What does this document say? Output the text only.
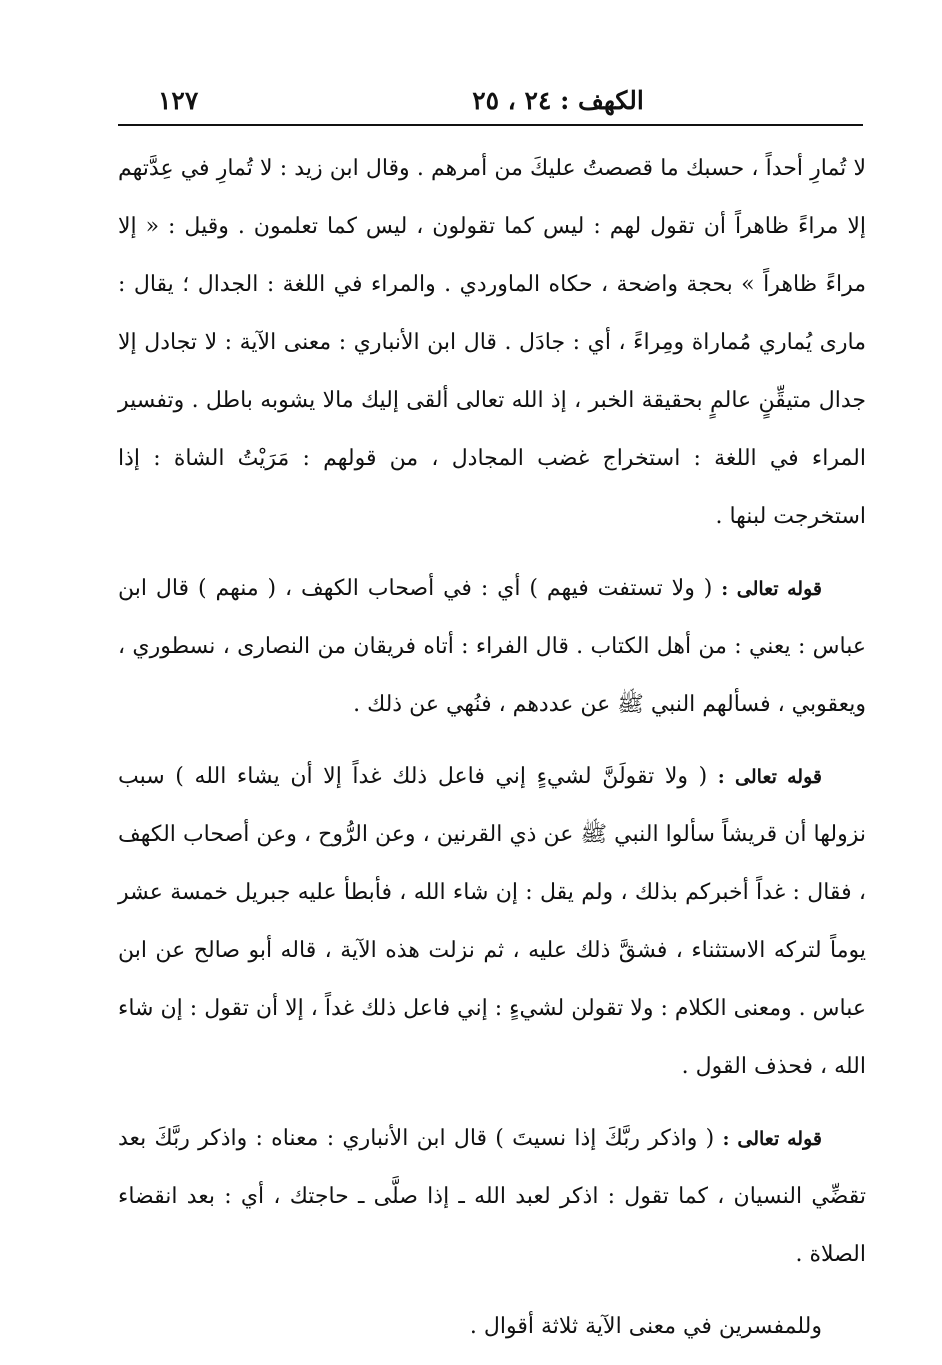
١٢٧	الكهف : ٢٤ ، ٢٥

لا تُمارِ أحداً ، حسبك ما قصصتُ عليكَ من أمرهم . وقال ابن زيد : لا تُمارِ في عِدَّتهم إلا مراءً ظاهراً أن تقول لهم : ليس كما تقولون ، ليس كما تعلمون . وقيل : « إلا مراءً ظاهراً » بحجة واضحة ، حكاه الماوردي . والمراء في اللغة : الجدال ؛ يقال : مارى يُماري مُماراة ومِراءً ، أي : جادَل . قال ابن الأنباري : معنى الآية : لا تجادل إلا جدال متيقِّنٍ عالمٍ بحقيقة الخبر ، إذ الله تعالى ألقى إليك مالا يشوبه باطل . وتفسير المراء في اللغة : استخراج غضب المجادل ، من قولهم : مَرَيْتُ الشاة : إذا استخرجت لبنها .

قوله تعالى : ( ولا تستفت فيهم ) أي : في أصحاب الكهف ، ( منهم ) قال ابن عباس : يعني : من أهل الكتاب . قال الفراء : أتاه فريقان من النصارى ، نسطوري ، ويعقوبي ، فسألهم النبي ﷺ عن عددهم ، فنُهي عن ذلك .

قوله تعالى : ( ولا تقولَنَّ لشيءٍ إني فاعل ذلك غداً إلا أن يشاء الله ) سبب نزولها أن قريشاً سألوا النبي ﷺ عن ذي القرنين ، وعن الرُّوح ، وعن أصحاب الكهف ، فقال : غداً أخبركم بذلك ، ولم يقل : إن شاء الله ، فأبطأ عليه جبريل خمسة عشر يوماً لتركه الاستثناء ، فشقَّ ذلك عليه ، ثم نزلت هذه الآية ، قاله أبو صالح عن ابن عباس . ومعنى الكلام : ولا تقولن لشيءٍ : إني فاعل ذلك غداً ، إلا أن تقول : إن شاء الله ، فحذف القول .

قوله تعالى : ( واذكر ربَّكَ إذا نسيتَ ) قال ابن الأنباري : معناه : واذكر ربَّكَ بعد تقضِّي النسيان ، كما تقول : اذكر لعبد الله ـ إذا صلَّى ـ حاجتك ، أي : بعد انقضاء الصلاة .

وللمفسرين في معنى الآية ثلاثة أقوال .
